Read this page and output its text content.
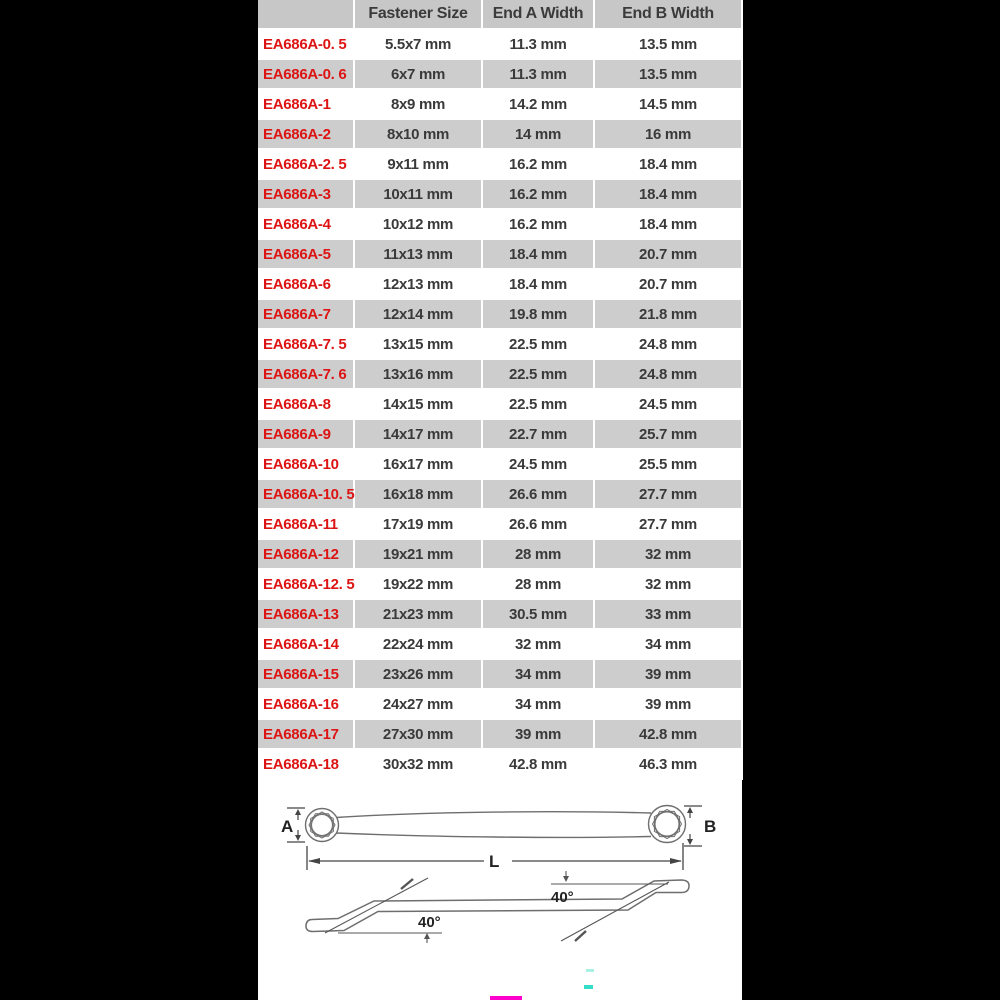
	Fastener Size	End A Width	End B Width
EA686A-0. 5	5.5x7 mm	11.3 mm	13.5 mm
EA686A-0. 6	6x7 mm	11.3 mm	13.5 mm
EA686A-1	8x9 mm	14.2 mm	14.5 mm
EA686A-2	8x10 mm	14 mm	16 mm
EA686A-2. 5	9x11 mm	16.2 mm	18.4 mm
EA686A-3	10x11 mm	16.2 mm	18.4 mm
EA686A-4	10x12 mm	16.2 mm	18.4 mm
EA686A-5	11x13 mm	18.4 mm	20.7 mm
EA686A-6	12x13 mm	18.4 mm	20.7 mm
EA686A-7	12x14 mm	19.8 mm	21.8 mm
EA686A-7. 5	13x15 mm	22.5 mm	24.8 mm
EA686A-7. 6	13x16 mm	22.5 mm	24.8 mm
EA686A-8	14x15 mm	22.5 mm	24.5 mm
EA686A-9	14x17 mm	22.7 mm	25.7 mm
EA686A-10	16x17 mm	24.5 mm	25.5 mm
EA686A-10. 5	16x18 mm	26.6 mm	27.7 mm
EA686A-11	17x19 mm	26.6 mm	27.7 mm
EA686A-12	19x21 mm	28 mm	32 mm
EA686A-12. 5	19x22 mm	28 mm	32 mm
EA686A-13	21x23 mm	30.5 mm	33 mm
EA686A-14	22x24 mm	32 mm	34 mm
EA686A-15	23x26 mm	34 mm	39 mm
EA686A-16	24x27 mm	34 mm	39 mm
EA686A-17	27x30 mm	39 mm	42.8 mm
EA686A-18	30x32 mm	42.8 mm	46.3 mm
A	B
L
40°
40°
